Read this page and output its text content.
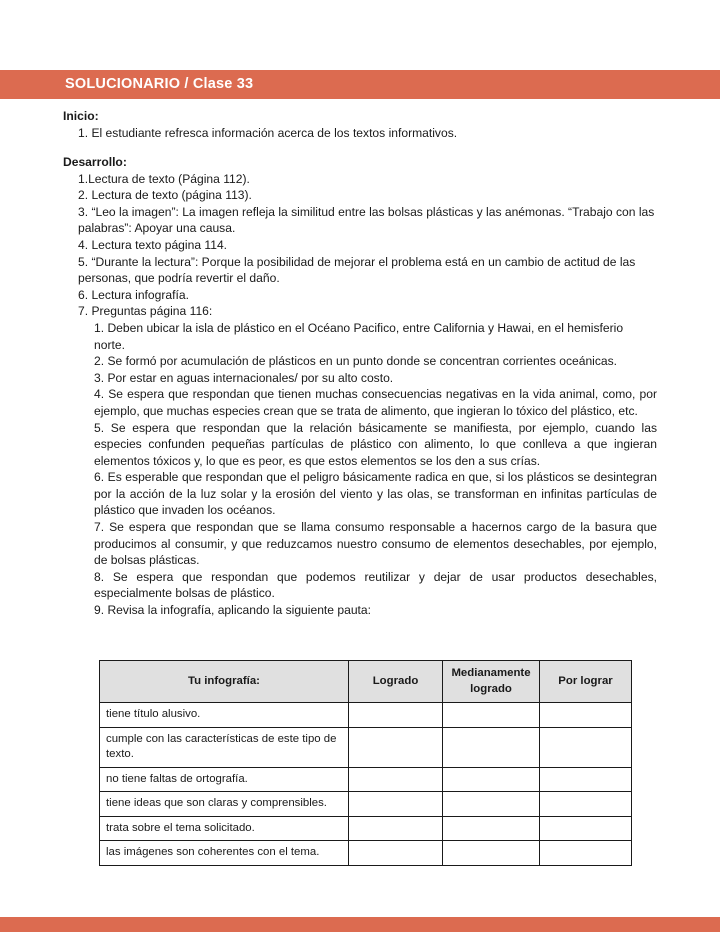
SOLUCIONARIO / Clase 33

Inicio:

1. El estudiante refresca información acerca de los textos informativos.

Desarrollo:

1.Lectura de texto (Página 112).

2. Lectura de texto (página 113).

3. “Leo la imagen”: La imagen refleja la similitud entre las bolsas plásticas y las anémonas. “Trabajo con las palabras”: Apoyar una causa.

4. Lectura texto página 114.

5. “Durante la lectura”: Porque la posibilidad de mejorar el problema está en un cambio de actitud de las personas, que podría revertir el daño.

6. Lectura infografía.

7. Preguntas página 116:

1. Deben ubicar la isla de plástico en el Océano Pacifico, entre California y Hawai, en el hemisferio norte.

2. Se formó por acumulación de plásticos en un punto donde se concentran corrientes oceánicas.

3. Por estar en aguas internacionales/ por su alto costo.

4. Se espera que respondan que tienen muchas consecuencias negativas en la vida animal, como, por ejemplo, que muchas especies crean que se trata de alimento, que ingieran lo tóxico del plástico, etc.

5. Se espera que respondan que la relación básicamente se manifiesta, por ejemplo, cuando las especies confunden pequeñas partículas de plástico con alimento, lo que conlleva a que ingieran elementos tóxicos y, lo que es peor, es que estos elementos se los den a sus crías.

6. Es esperable que respondan que el peligro básicamente radica en que, si los plásticos se desintegran por la acción de la luz solar y la erosión del viento y las olas, se transforman en infinitas partículas de plástico que invaden los océanos.

7. Se espera que respondan que se llama consumo responsable a hacernos cargo de la basura que producimos al consumir, y que reduzcamos nuestro consumo de elementos desechables, por ejemplo, de bolsas plásticas.

8. Se espera que respondan que podemos reutilizar y dejar de usar productos desechables, especialmente bolsas de plástico.

9. Revisa la infografía, aplicando la siguiente pauta:

Tu infografía:	Logrado	Medianamente logrado	Por lograr
tiene título alusivo.			
cumple con las características de este tipo de texto.			
no tiene faltas de ortografía.			
tiene ideas que son claras y comprensibles.			
trata sobre el tema solicitado.			
las imágenes son coherentes con el tema.			
